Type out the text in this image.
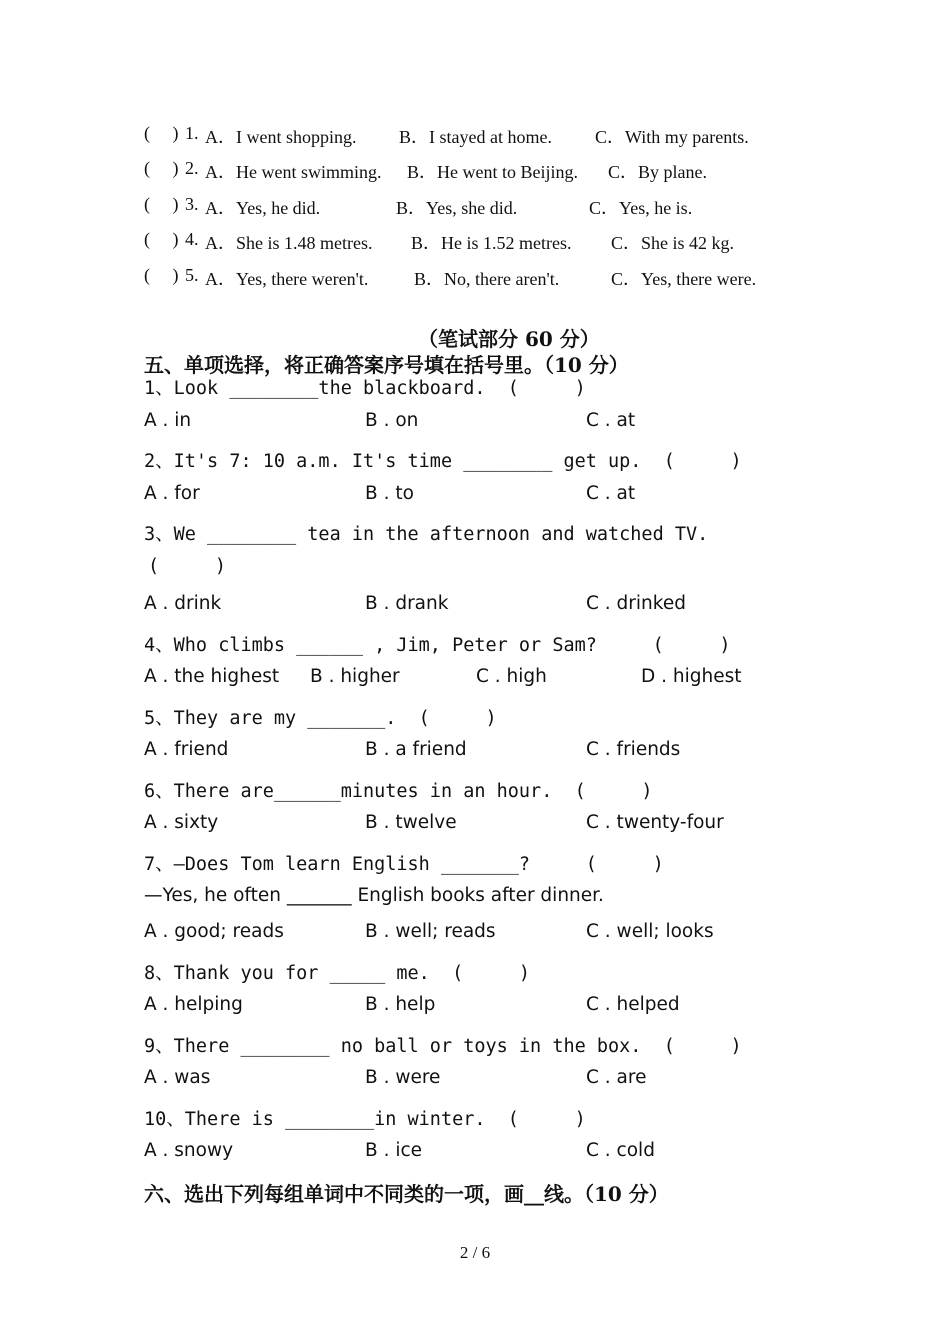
(     ) 1. A．I went shopping. B．I stayed at home. C．With my parents.
(     ) 2. A．He went swimming. B．He went to Beijing. C．By plane.
(     ) 3. A．Yes, he did.	B．Yes, she did.	C．Yes, he is.
(     ) 4. A．She is 1.48 metres. B．He is 1.52 metres. C．She is 42 kg.
(     ) 5. A．Yes, there weren't.	B．No, there aren't.	C．Yes, there were.
（笔试部分 60 分）
五、单项选择，将正确答案序号填在括号里。（10 分）
1、Look ________the blackboard.  (     )
A . in	B . on	C . at
2、It's 7: 10 a.m. It's time ________ get up.  (     )
A . for	B . to	C . at
3、We ________ tea in the afternoon and watched TV.
(     )
A . drink	B . drank	C . drinked
4、Who climbs ______ , Jim, Peter or Sam?     (     )
A . the highest B . higher	C . high	D . highest
5、They are my _______.  (     )
A . friend	B . a friend	C . friends
6、There are______minutes in an hour.  (     )
A . sixty	B . twelve	C . twenty-four
7、—Does Tom learn English _______?     (     )
—Yes, he often _______ English books after dinner.
A . good; reads	B . well; reads	C . well; looks
8、Thank you for _____ me.  (     )
A . helping	B . help	C . helped
9、There ________ no ball or toys in the box.  (     )
A . was	B . were	C . are
10、There is ________in winter.  (     )
A . snowy	B . ice	C . cold
六、选出下列每组单词中不同类的一项，画__线。（10 分）
2 / 6
